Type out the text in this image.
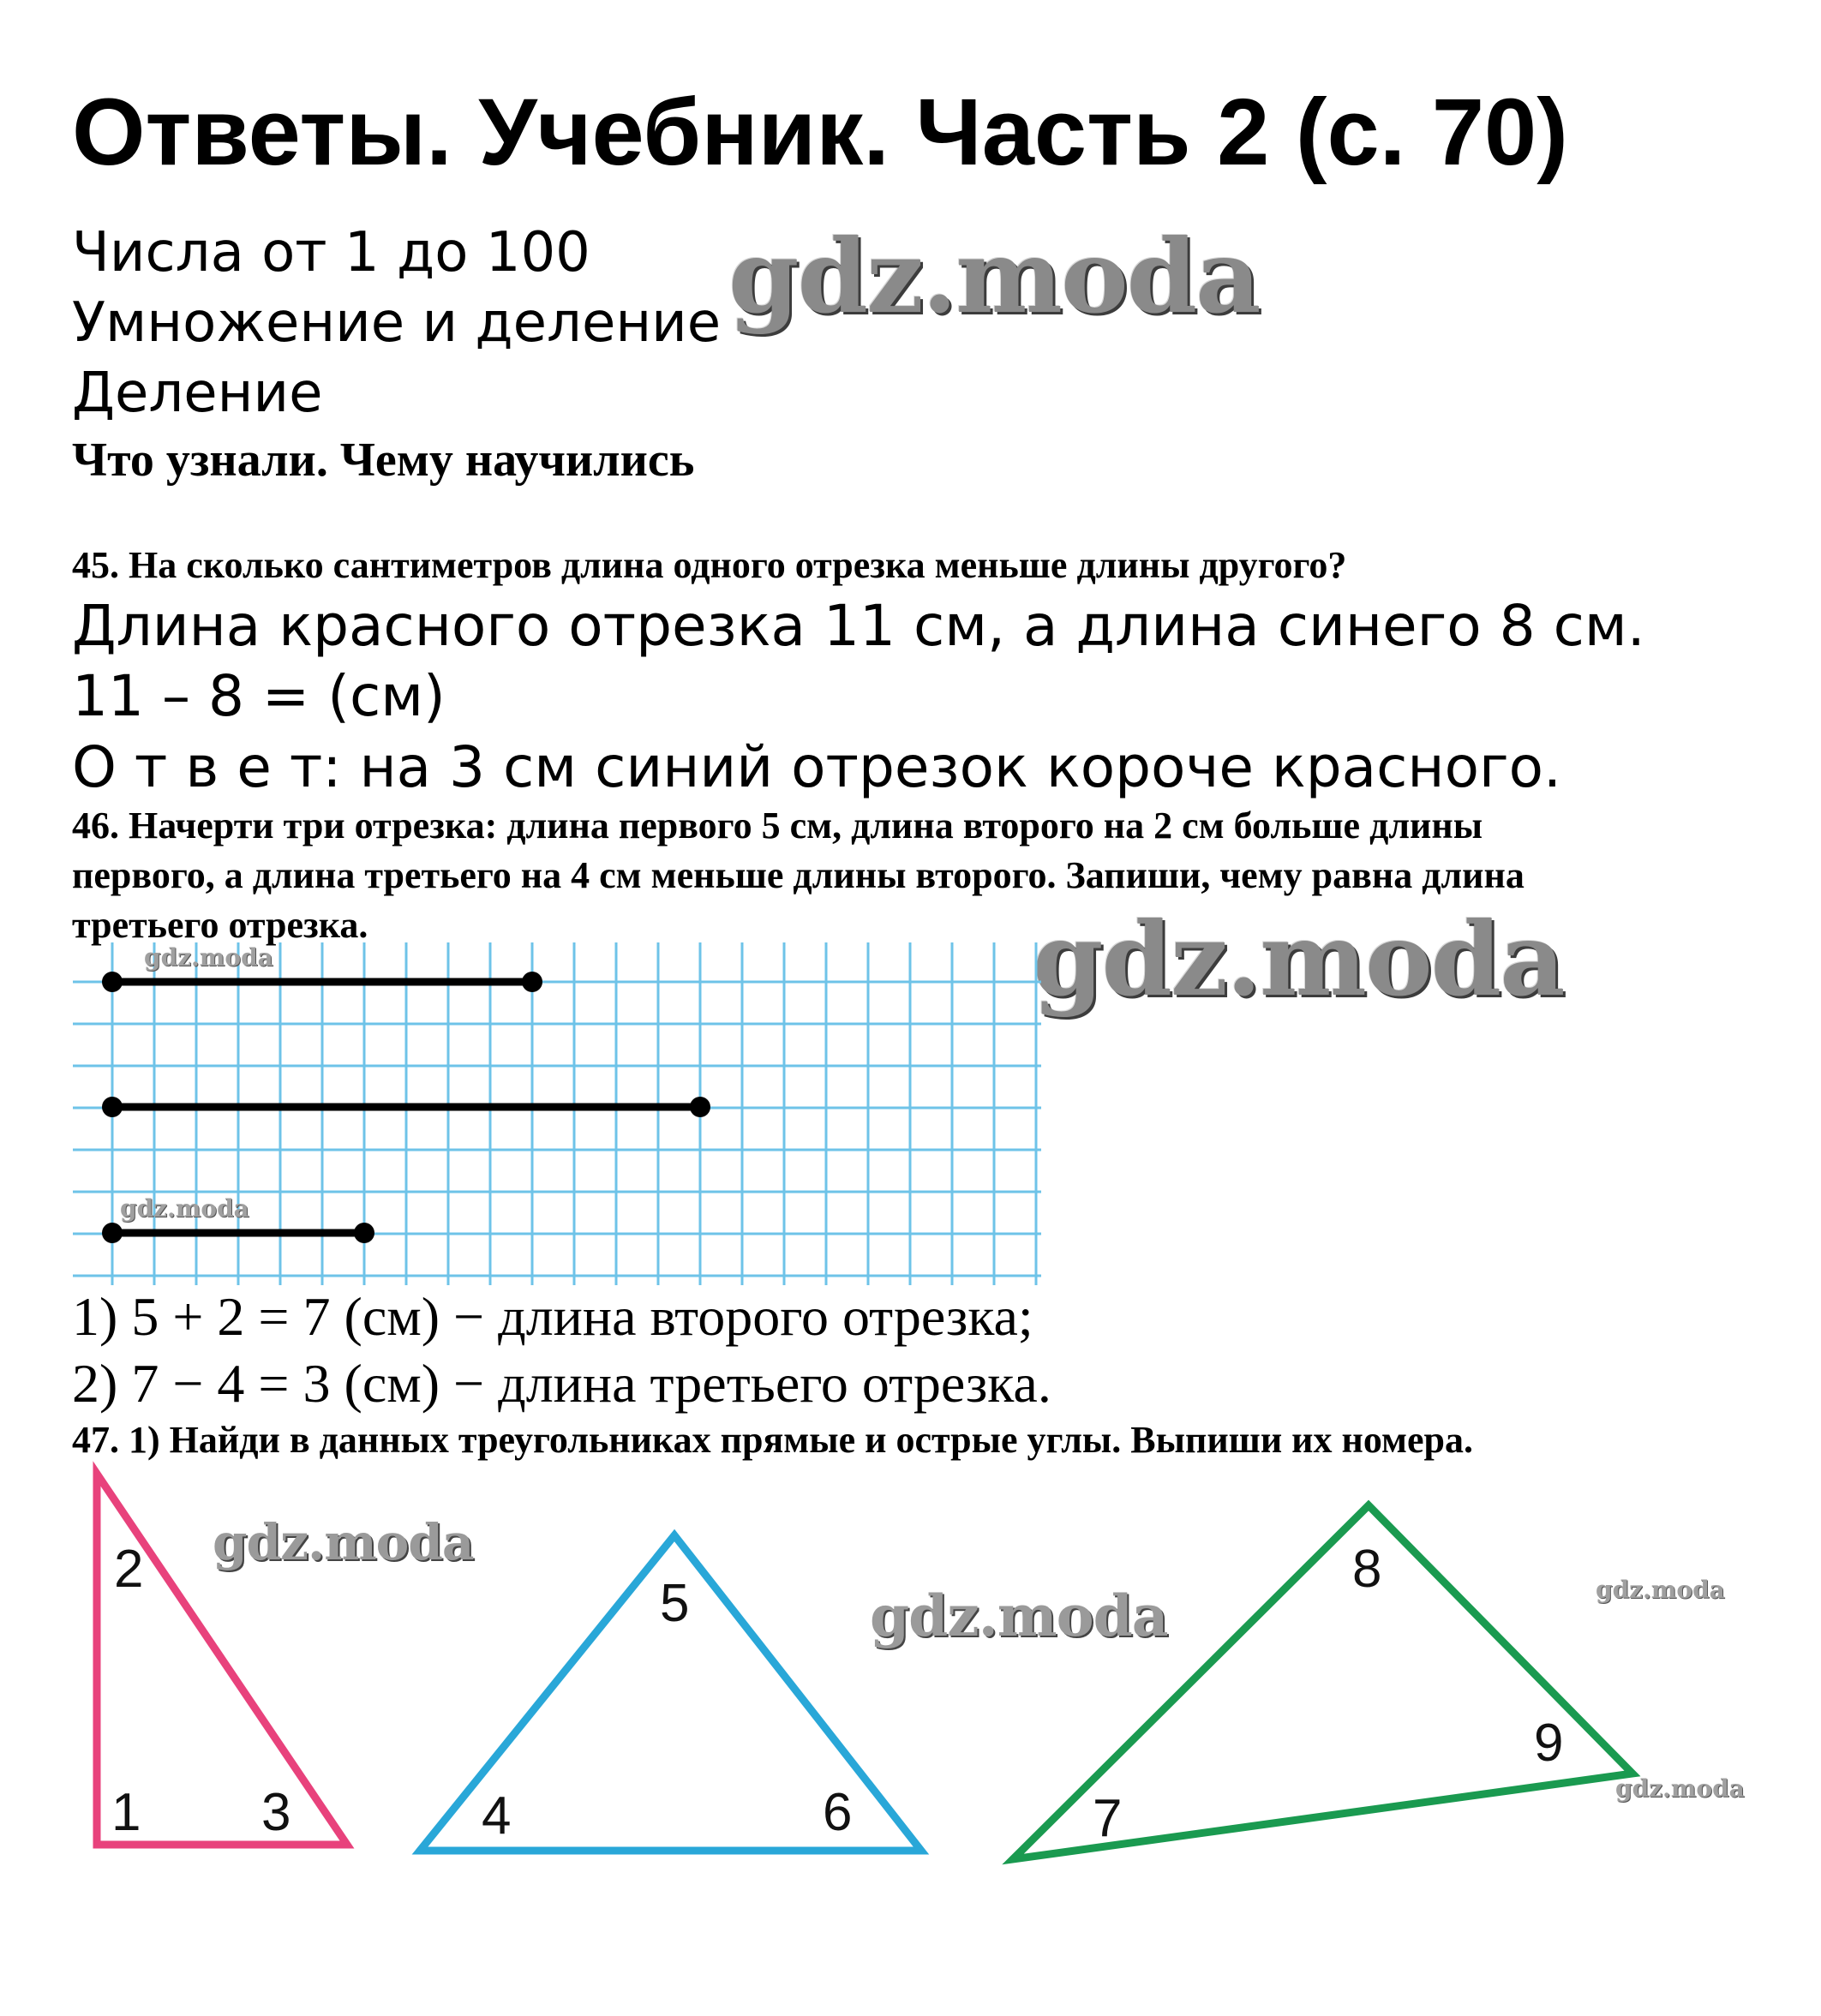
Ответы. Учебник. Часть 2 (с. 70)
Числа от 1 до 100
Умножение и деление
Деление
Что узнали. Чему научились
gdz.moda
45. На сколько сантиметров длина одного отрезка меньше длины другого?
Длина красного отрезка 11 см, а длина синего 8 см.
11 – 8 = (см)
О т в е т: на 3 см синий отрезок короче красного.
46. Начерти три отрезка: длина первого 5 см, длина второго на 2 см больше длины
первого, а длина третьего на 4 см меньше длины второго. Запиши, чему равна длина
третьего отрезка.	gdz.moda
gdz.moda
gdz.moda
1) 5 + 2 = 7 (см) − длина второго отрезка;
2) 7 − 4 = 3 (см) − длина третьего отрезка.
47. 1) Найди в данных треугольниках прямые и острые углы. Выпиши их номера.
1
2
3	4
5
6	7
8
9
gdz.moda
gdz.moda	gdz.moda
gdz.moda
